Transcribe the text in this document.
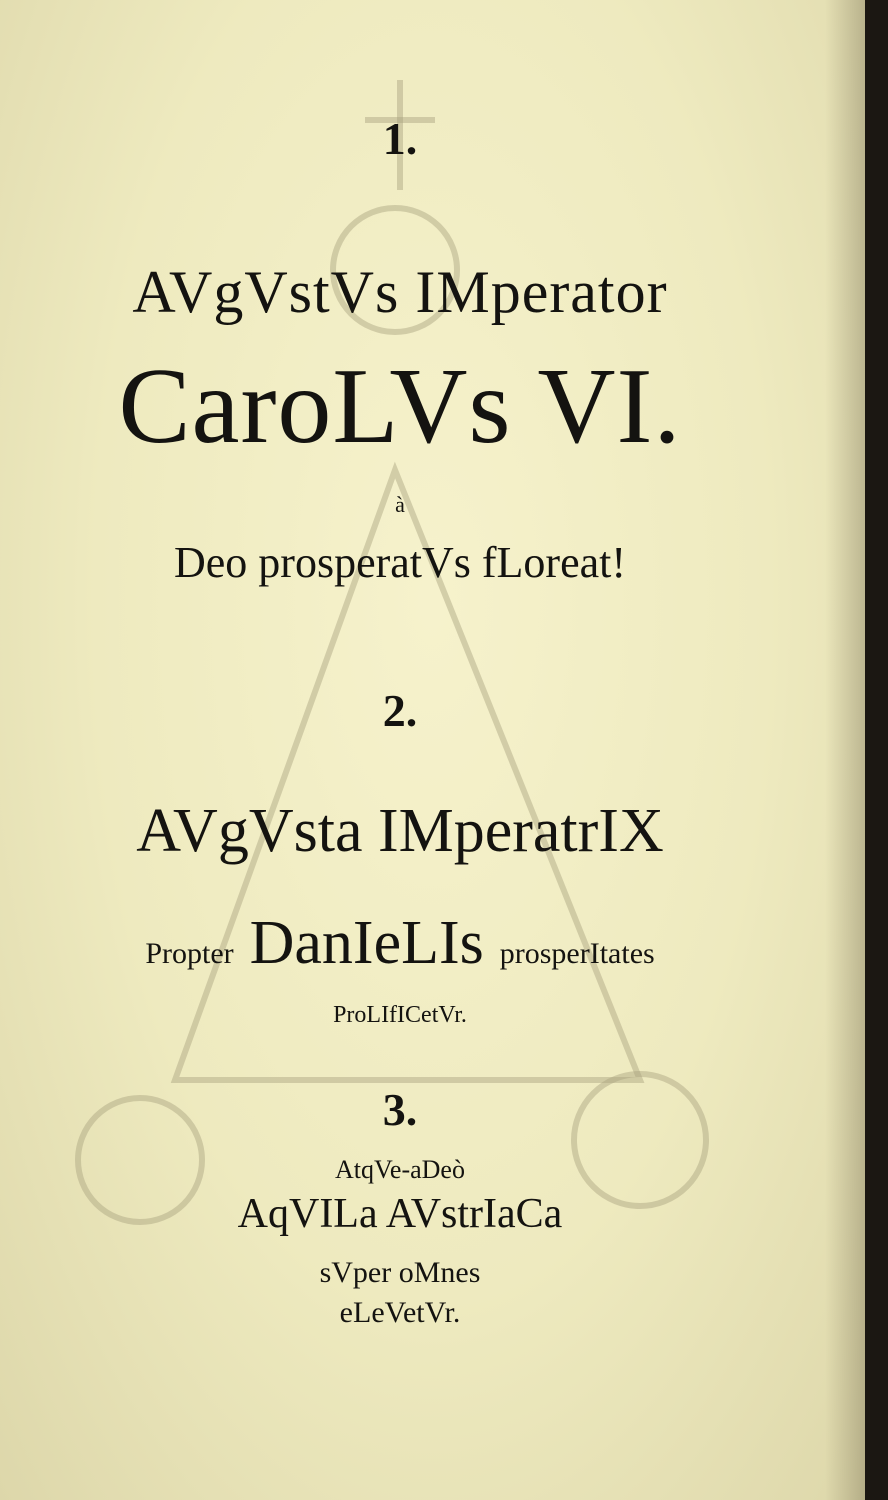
1.
AVgVstVs IMperator
CaroLVs VI.
à
Deo prosperatVs fLoreat!
2.
AVgVsta IMperatrIX
Propter DanIeLIs prosperItates
ProLIfICetVr.
3.
AtqVe-aDeò
AqVILa AVstrIaCa
sVper oMnes
eLeVetVr.
